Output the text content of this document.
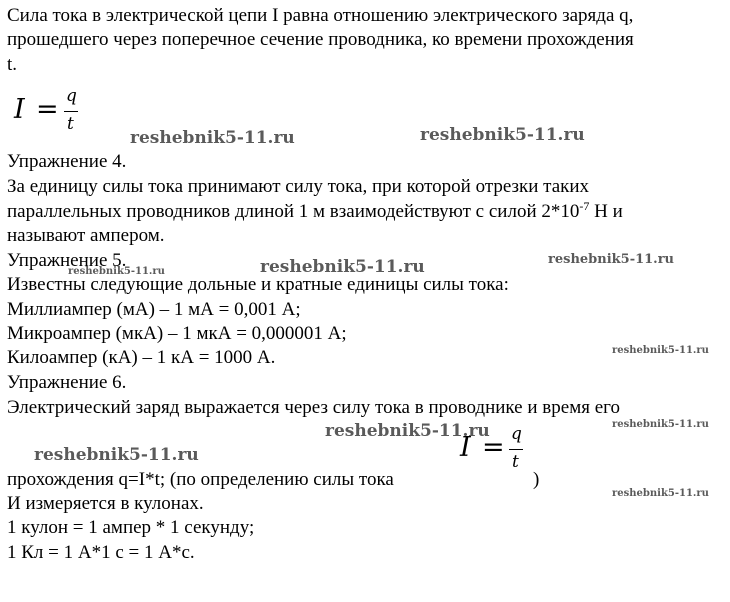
Сила тока в электрической цепи I равна отношению электрического заряда q,
прошедшего через поперечное сечение проводника, ко времени прохождения
t.
I = q
t
reshebnik5-11.ru	reshebnik5-11.ru
Упражнение 4.
За единицу силы тока принимают силу тока, при которой отрезки таких
параллельных проводников длиной 1 м взаимодействуют с силой $2*10^{-7}$ Н и
называют ампером.
Упражнение 5.	reshebnik5-11.ru	reshebnik5-11.ru
reshebnik5-11.ru
Известны следующие дольные и кратные единицы силы тока:
Миллиампер (мА) – 1 мА = 0,001 А;
Микроампер (мкА) – 1 мкА = 0,000001 А;
Килоампер (кА) – 1 кА = 1000 А.	reshebnik5-11.ru
Упражнение 6.
Электрический заряд выражается через силу тока в проводнике и время его
reshebnik5-11.ru
reshebnik5-11.ru
reshebnik5-11.ru
I = q
t
прохождения q=I*t; (по определению силы тока	)
reshebnik5-11.ru
И измеряется в кулонах.
1 кулон = 1 ампер * 1 секунду;
1 Кл = 1 А*1 с = 1 А*с.
